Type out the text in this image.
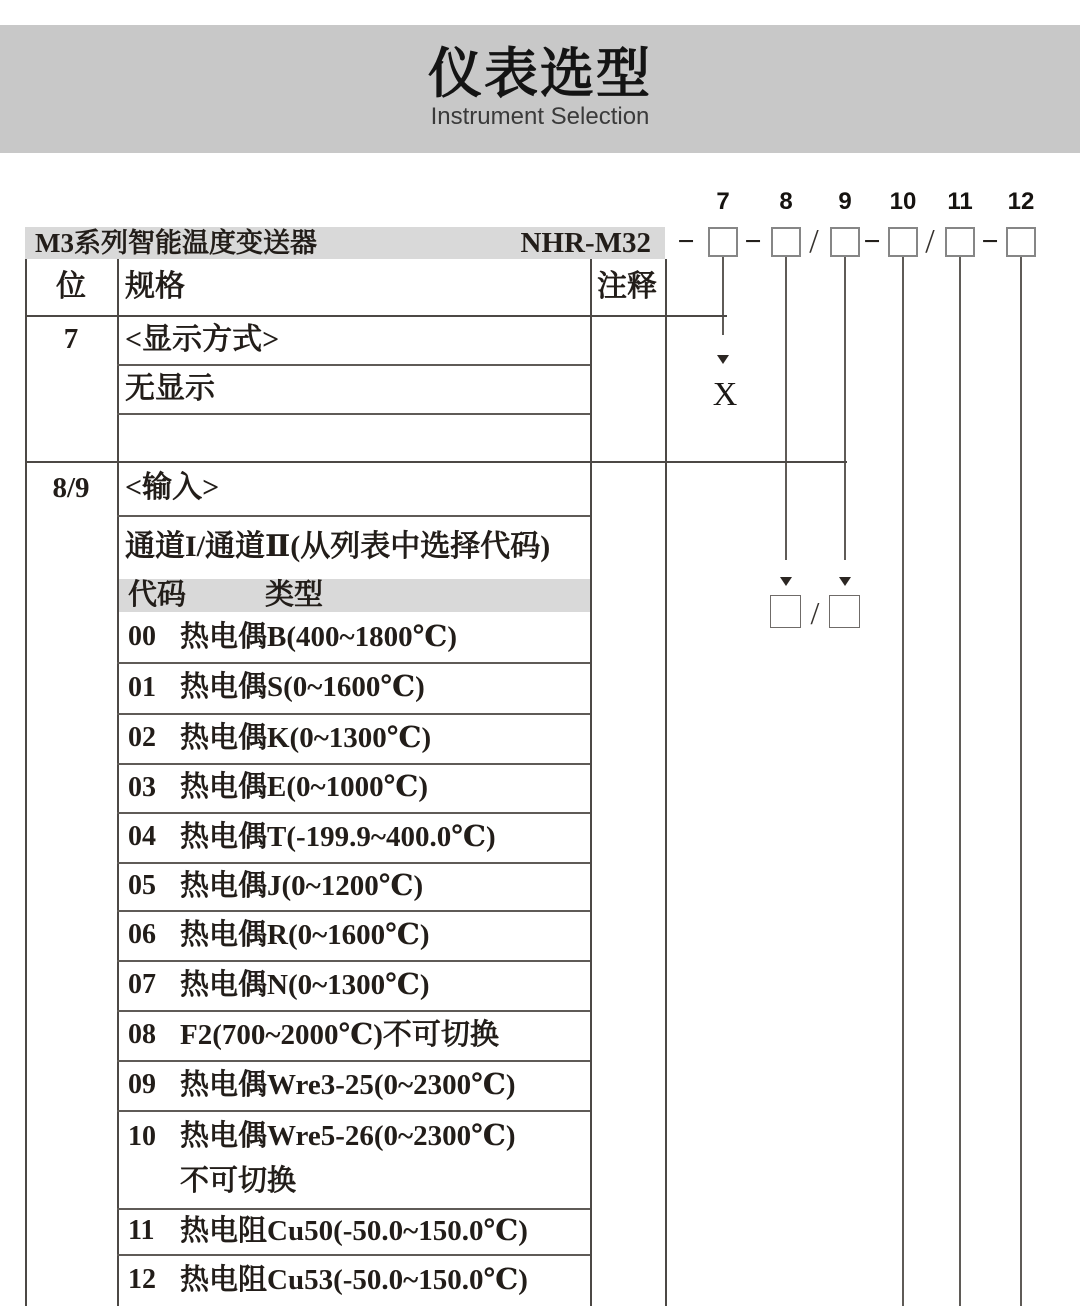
仪表选型

Instrument Selection

M3系列智能温度变送器	NHR-M32
位	规格	注释
7	<显示方式>
无显示
8/9	<输入>
通道I/通道Ⅱ(从列表中选择代码)
代码	类型
X
/
7	8	9	10	11	12
−	−	/	−	/	−
00 热电偶B(400~1800℃)
01 热电偶S(0~1600℃)
02 热电偶K(0~1300℃)
03 热电偶E(0~1000℃)
04 热电偶T(-199.9~400.0℃)
05 热电偶J(0~1200℃)
06 热电偶R(0~1600℃)
07 热电偶N(0~1300℃)
08 F2(700~2000℃)不可切换
09 热电偶Wre3-25(0~2300℃)
10 热电偶Wre5-26(0~2300℃)
不可切换
11 热电阻Cu50(-50.0~150.0℃)
12 热电阻Cu53(-50.0~150.0℃)
